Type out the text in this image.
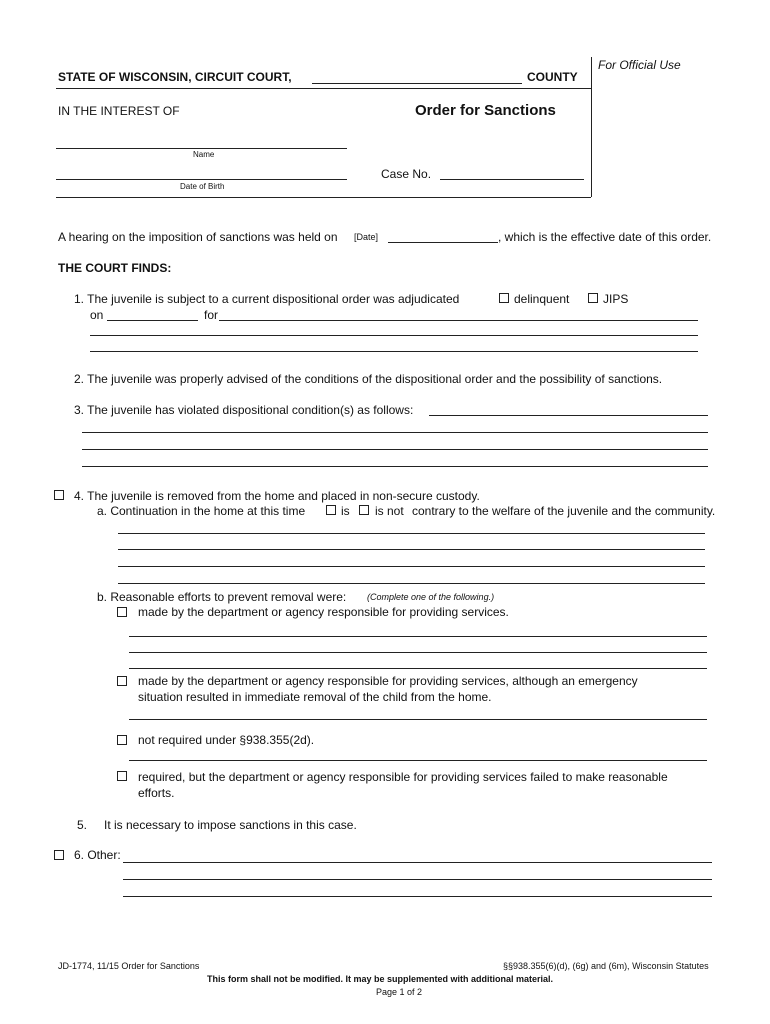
For Official Use
STATE OF WISCONSIN, CIRCUIT COURT,	COUNTY
IN THE INTEREST OF	Order for Sanctions
Name
Case No.
Date of Birth
A hearing on the imposition of sanctions was held on [Date]	, which is the effective date of this order.
THE COURT FINDS:
1. The juvenile is subject to a current dispositional order was adjudicated	delinquent	JIPS
on	for
2. The juvenile was properly advised of the conditions of the dispositional order and the possibility of sanctions.
3. The juvenile has violated dispositional condition(s) as follows:
4. The juvenile is removed from the home and placed in non-secure custody.
a. Continuation in the home at this time	is is not contrary to the welfare of the juvenile and the community.
b. Reasonable efforts to prevent removal were: (Complete one of the following.)
made by the department or agency responsible for providing services.
made by the department or agency responsible for providing services, although an emergency
situation resulted in immediate removal of the child from the home.
not required under §938.355(2d).
required, but the department or agency responsible for providing services failed to make reasonable
efforts.
5. It is necessary to impose sanctions in this case.
6. Other:
JD-1774, 11/15 Order for Sanctions	§§938.355(6)(d), (6g) and (6m), Wisconsin Statutes
This form shall not be modified. It may be supplemented with additional material.
Page 1 of 2
